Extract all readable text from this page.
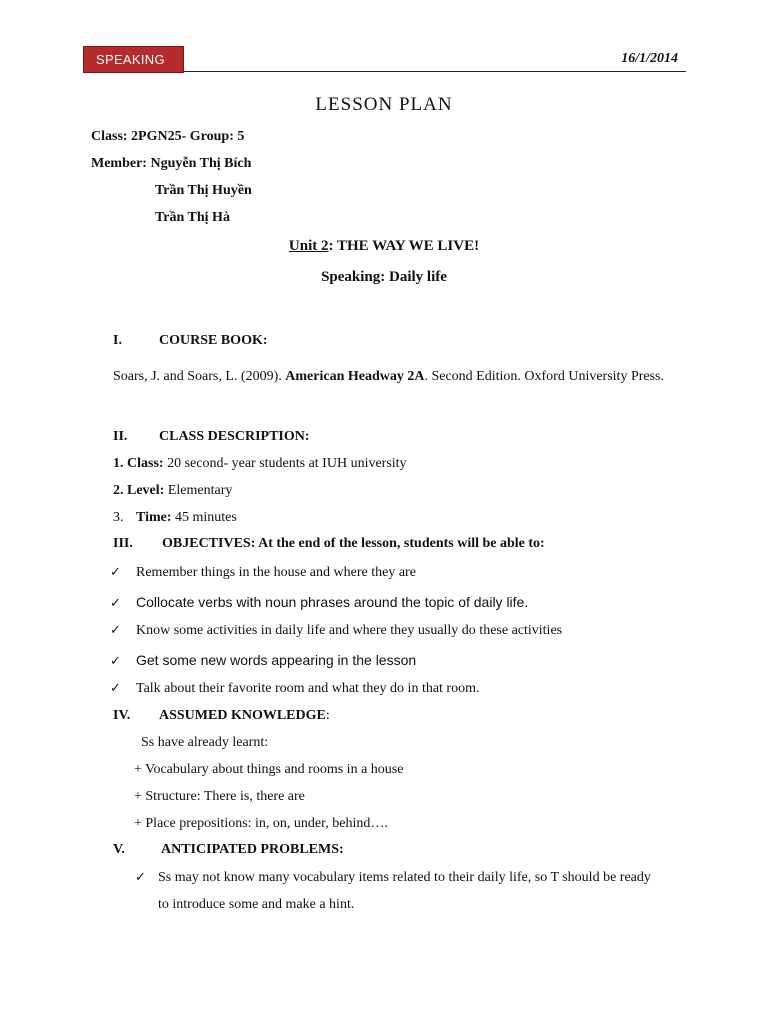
SPEAKING	16/1/2014
LESSON PLAN
Class: 2PGN25- Group: 5
Member: Nguyễn Thị Bích
Trần Thị Huyền
Trần Thị Hà
Unit 2: THE WAY WE LIVE!
Speaking: Daily life
I.	COURSE BOOK:
Soars, J. and Soars, L. (2009). American Headway 2A. Second Edition. Oxford University Press.
II. CLASS DESCRIPTION:
1. Class: 20 second- year students at IUH university
2. Level: Elementary
3. Time: 45 minutes
III. OBJECTIVES: At the end of the lesson, students will be able to:
✓ Remember things in the house and where they are
✓ Collocate verbs with noun phrases around the topic of daily life.
✓ Know some activities in daily life and where they usually do these activities
✓ Get some new words appearing in the lesson
✓ Talk about their favorite room and what they do in that room.
IV. ASSUMED KNOWLEDGE:
Ss have already learnt:
+ Vocabulary about things and rooms in a house
+ Structure: There is, there are
+ Place prepositions: in, on, under, behind….
V.	ANTICIPATED PROBLEMS:
✓ Ss may not know many vocabulary items related to their daily life, so T should be ready to introduce some and make a hint.
